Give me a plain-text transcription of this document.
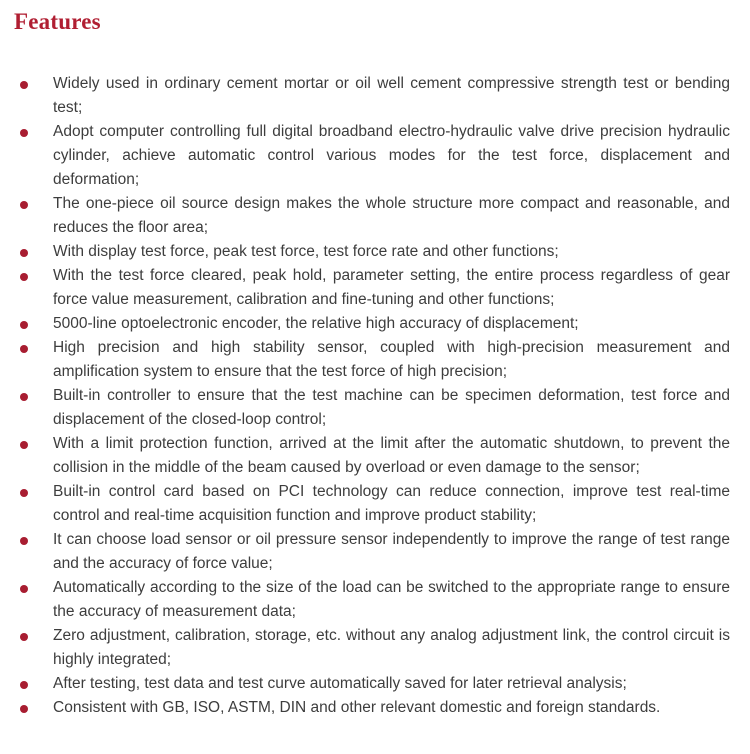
Features

Widely used in ordinary cement mortar or oil well cement compressive strength test or bending test;

Adopt computer controlling full digital broadband electro-hydraulic valve drive precision hydraulic cylinder, achieve automatic control various modes for the test force, displacement and deformation;

The one-piece oil source design makes the whole structure more compact and reasonable, and reduces the floor area;

With display test force, peak test force, test force rate and other functions;

With the test force cleared, peak hold, parameter setting, the entire process regardless of gear force value measurement, calibration and fine-tuning and other functions;

5000-line optoelectronic encoder, the relative high accuracy of displacement;

High precision and high stability sensor, coupled with high-precision measurement and amplification system to ensure that the test force of high precision;

Built-in controller to ensure that the test machine can be specimen deformation, test force and displacement of the closed-loop control;

With a limit protection function, arrived at the limit after the automatic shutdown, to prevent the collision in the middle of the beam caused by overload or even damage to the sensor;

Built-in control card based on PCI technology can reduce connection, improve test real-time control and real-time acquisition function and improve product stability;

It can choose load sensor or oil pressure sensor independently to improve the range of test range and the accuracy of force value;

Automatically according to the size of the load can be switched to the appropriate range to ensure the accuracy of measurement data;

Zero adjustment, calibration, storage, etc. without any analog adjustment link, the control circuit is highly integrated;

After testing, test data and test curve automatically saved for later retrieval analysis;

Consistent with GB, ISO, ASTM, DIN and other relevant domestic and foreign standards.
